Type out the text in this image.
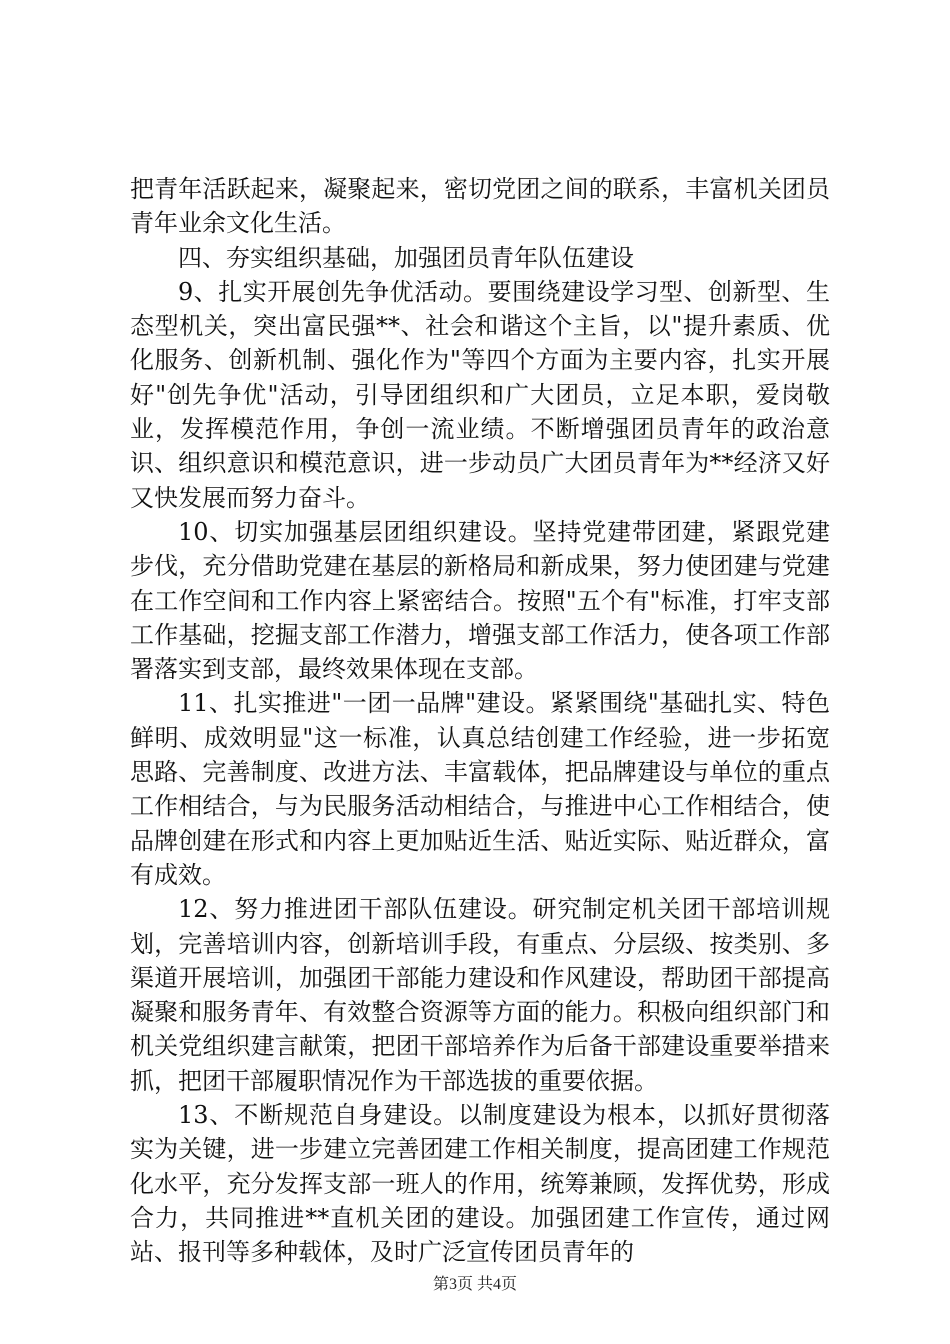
把青年活跃起来，凝聚起来，密切党团之间的联系，丰富机关团员青年业余文化生活。

四、夯实组织基础，加强团员青年队伍建设

9、扎实开展创先争优活动。要围绕建设学习型、创新型、生态型机关，突出富民强**、社会和谐这个主旨，以"提升素质、优化服务、创新机制、强化作为"等四个方面为主要内容，扎实开展好"创先争优"活动，引导团组织和广大团员，立足本职，爱岗敬业，发挥模范作用，争创一流业绩。不断增强团员青年的政治意识、组织意识和模范意识，进一步动员广大团员青年为**经济又好又快发展而努力奋斗。

10、切实加强基层团组织建设。坚持党建带团建，紧跟党建步伐，充分借助党建在基层的新格局和新成果，努力使团建与党建在工作空间和工作内容上紧密结合。按照"五个有"标准，打牢支部工作基础，挖掘支部工作潜力，增强支部工作活力，使各项工作部署落实到支部，最终效果体现在支部。

11、扎实推进"一团一品牌"建设。紧紧围绕"基础扎实、特色鲜明、成效明显"这一标准，认真总结创建工作经验，进一步拓宽思路、完善制度、改进方法、丰富载体，把品牌建设与单位的重点工作相结合，与为民服务活动相结合，与推进中心工作相结合，使品牌创建在形式和内容上更加贴近生活、贴近实际、贴近群众，富有成效。

12、努力推进团干部队伍建设。研究制定机关团干部培训规划，完善培训内容，创新培训手段，有重点、分层级、按类别、多渠道开展培训，加强团干部能力建设和作风建设，帮助团干部提高凝聚和服务青年、有效整合资源等方面的能力。积极向组织部门和机关党组织建言献策，把团干部培养作为后备干部建设重要举措来抓，把团干部履职情况作为干部选拔的重要依据。

13、不断规范自身建设。以制度建设为根本，以抓好贯彻落实为关键，进一步建立完善团建工作相关制度，提高团建工作规范化水平，充分发挥支部一班人的作用，统筹兼顾，发挥优势，形成合力，共同推进**直机关团的建设。加强团建工作宣传，通过网站、报刊等多种载体，及时广泛宣传团员青年的

第3页 共4页
